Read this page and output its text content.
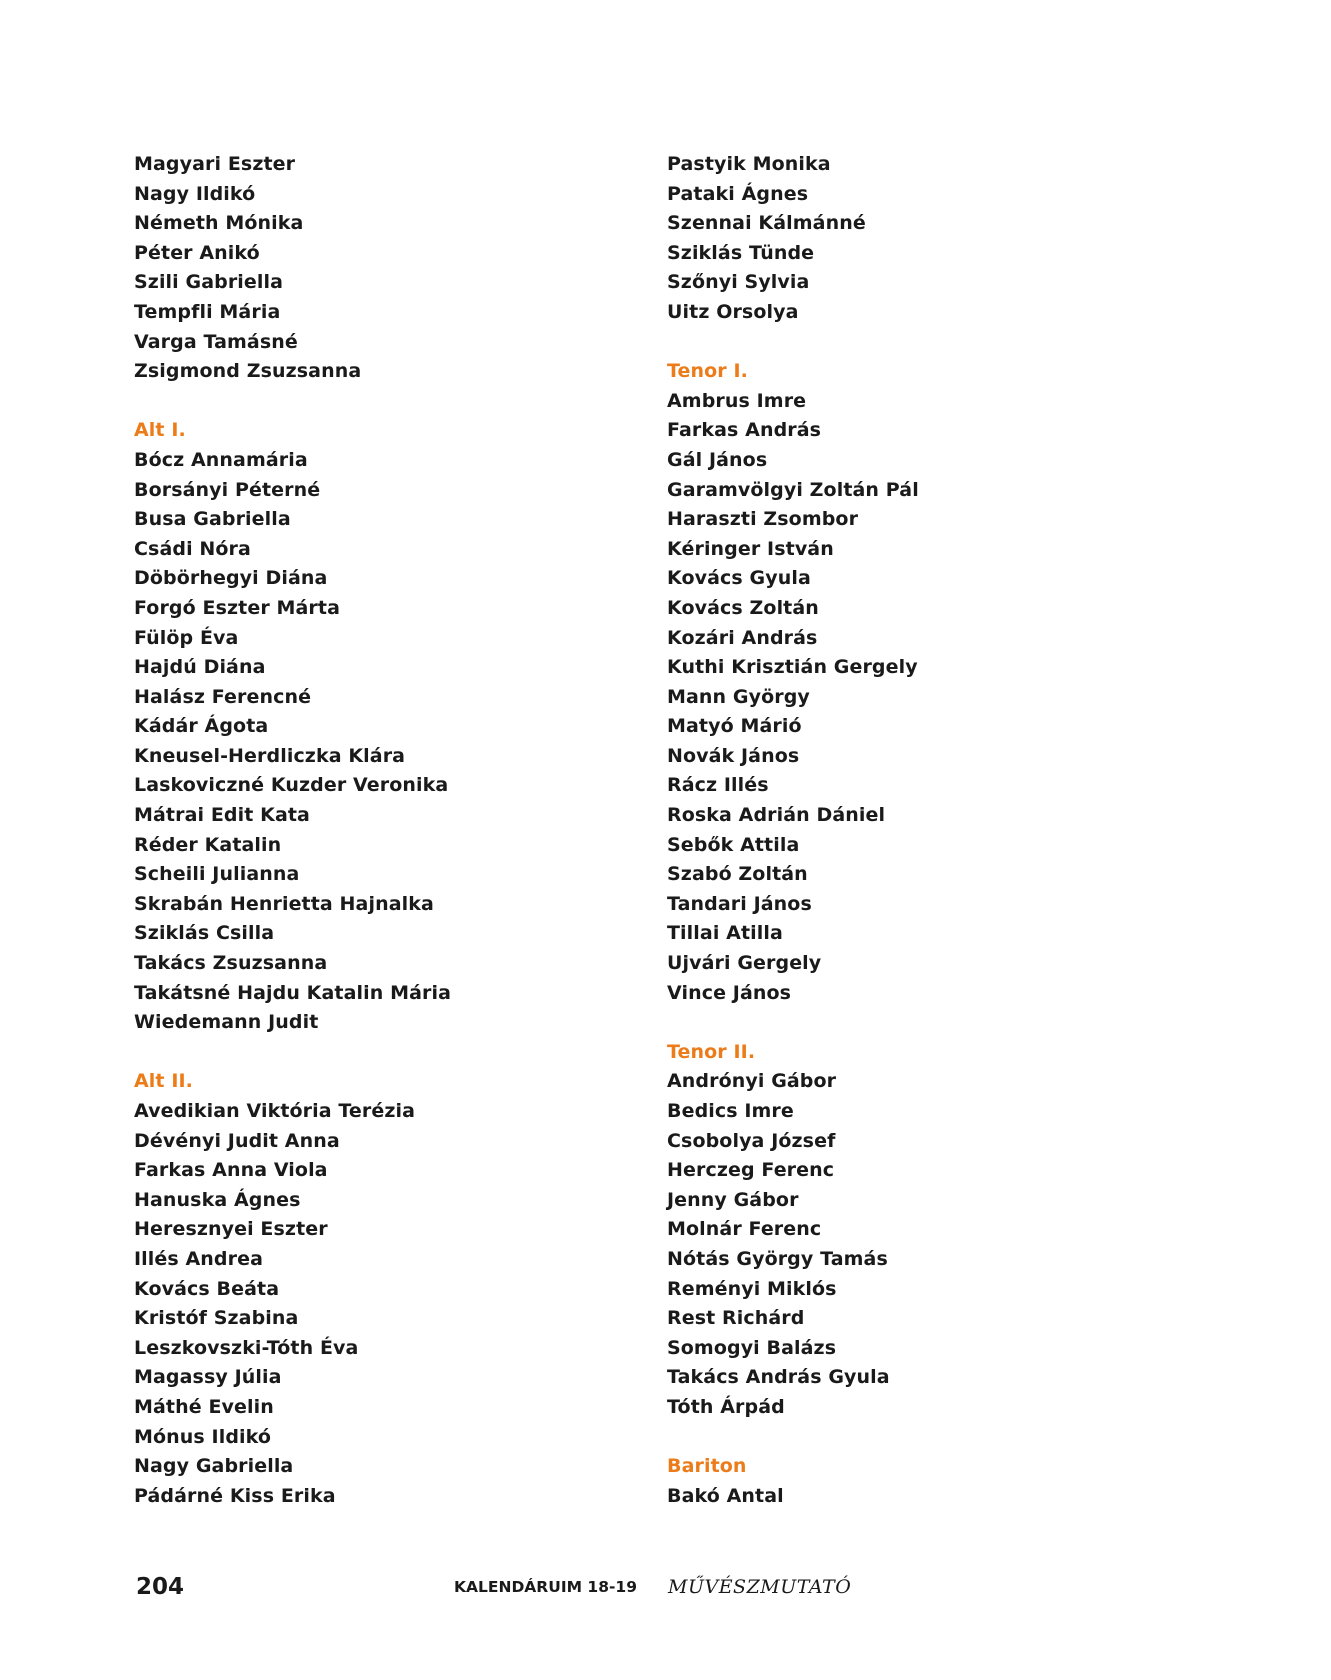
Magyari Eszter
Nagy Ildikó
Németh Mónika
Péter Anikó
Szili Gabriella
Tempfli Mária
Varga Tamásné
Zsigmond Zsuzsanna
Alt I.
Bócz Annamária
Borsányi Péterné
Busa Gabriella
Csádi Nóra
Döbörhegyi Diána
Forgó Eszter Márta
Fülöp Éva
Hajdú Diána
Halász Ferencné
Kádár Ágota
Kneusel-Herdliczka Klára
Laskoviczné Kuzder Veronika
Mátrai Edit Kata
Réder Katalin
Scheili Julianna
Skrabán Henrietta Hajnalka
Sziklás Csilla
Takács Zsuzsanna
Takátsné Hajdu Katalin Mária
Wiedemann Judit
Alt II.
Avedikian Viktória Terézia
Dévényi Judit Anna
Farkas Anna Viola
Hanuska Ágnes
Heresznyei Eszter
Illés Andrea
Kovács Beáta
Kristóf Szabina
Leszkovszki-Tóth Éva
Magassy Júlia
Máthé Evelin
Mónus Ildikó
Nagy Gabriella
Pádárné Kiss Erika
Pastyik Monika
Pataki Ágnes
Szennai Kálmánné
Sziklás Tünde
Szőnyi Sylvia
Uitz Orsolya
Tenor I.
Ambrus Imre
Farkas András
Gál János
Garamvölgyi Zoltán Pál
Haraszti Zsombor
Kéringer István
Kovács Gyula
Kovács Zoltán
Kozári András
Kuthi Krisztián Gergely
Mann György
Matyó Márió
Novák János
Rácz Illés
Roska Adrián Dániel
Sebők Attila
Szabó Zoltán
Tandari János
Tillai Atilla
Ujvári Gergely
Vince János
Tenor II.
Andrónyi Gábor
Bedics Imre
Csobolya József
Herczeg Ferenc
Jenny Gábor
Molnár Ferenc
Nótás György Tamás
Reményi Miklós
Rest Richárd
Somogyi Balázs
Takács András Gyula
Tóth Árpád
Bariton
Bakó Antal
204	KALENDÁRUIM 18-19 MŰVÉSZMUTATÓ
